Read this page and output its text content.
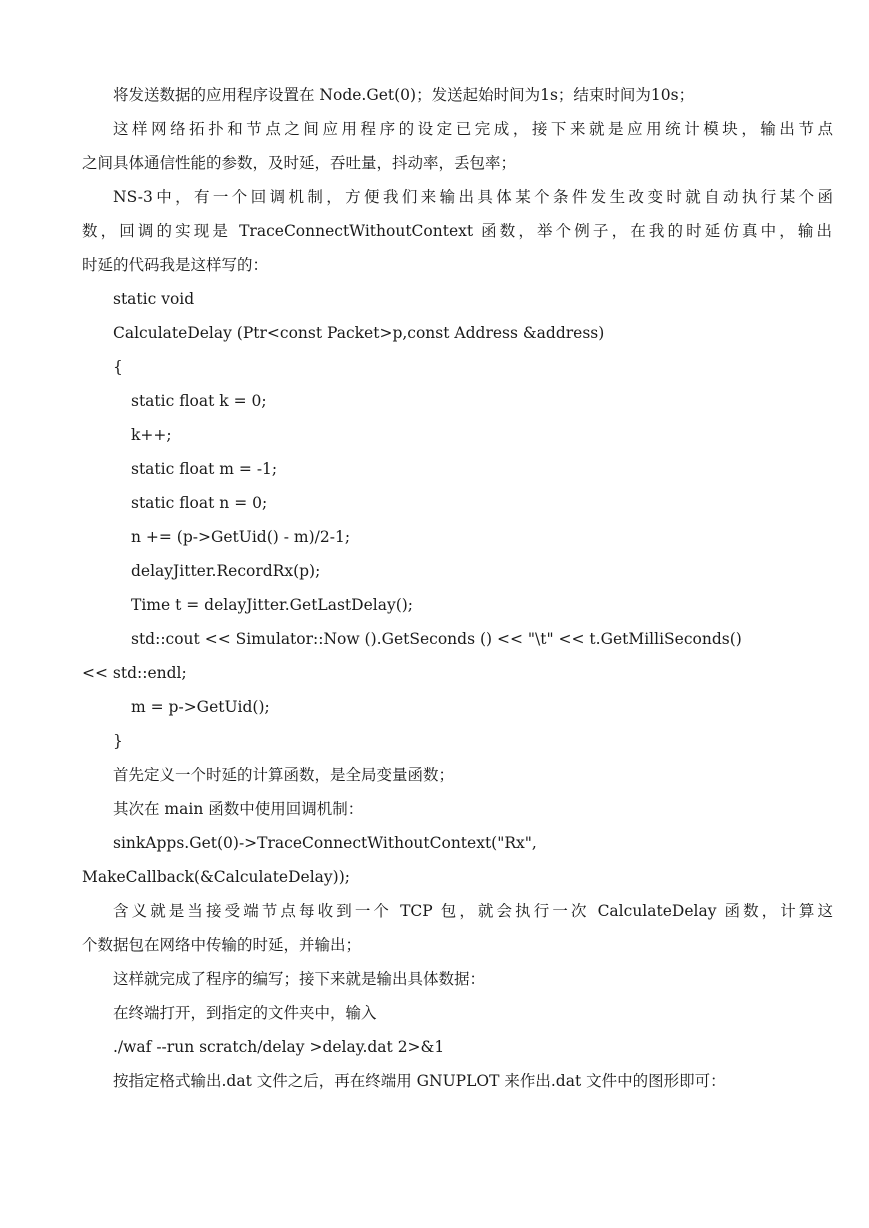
将发送数据的应用程序设置在 Node.Get(0)；发送起始时间为1s；结束时间为10s；
这样网络拓扑和节点之间应用程序的设定已完成，接下来就是应用统计模块，输出节点
之间具体通信性能的参数，及时延，吞吐量，抖动率，丢包率；
NS-3中，有一个回调机制，方便我们来输出具体某个条件发生改变时就自动执行某个函
数，回调的实现是 TraceConnectWithoutContext 函数，举个例子，在我的时延仿真中，输出
时延的代码我是这样写的：
static void
CalculateDelay (Ptr<const Packet>p,const Address &address)
{
static float k = 0;
k++;
static float m = -1;
static float n = 0;
n += (p->GetUid() - m)/2-1;
delayJitter.RecordRx(p);
Time t = delayJitter.GetLastDelay();
std::cout << Simulator::Now ().GetSeconds () << "\t" << t.GetMilliSeconds()
<< std::endl;
m = p->GetUid();
}
首先定义一个时延的计算函数，是全局变量函数；
其次在 main 函数中使用回调机制：
sinkApps.Get(0)->TraceConnectWithoutContext("Rx",
MakeCallback(&CalculateDelay));
含义就是当接受端节点每收到一个 TCP 包，就会执行一次 CalculateDelay 函数，计算这
个数据包在网络中传输的时延，并输出；
这样就完成了程序的编写；接下来就是输出具体数据：
在终端打开，到指定的文件夹中，输入
./waf --run scratch/delay >delay.dat 2>&1
按指定格式输出.dat 文件之后，再在终端用 GNUPLOT 来作出.dat 文件中的图形即可：
